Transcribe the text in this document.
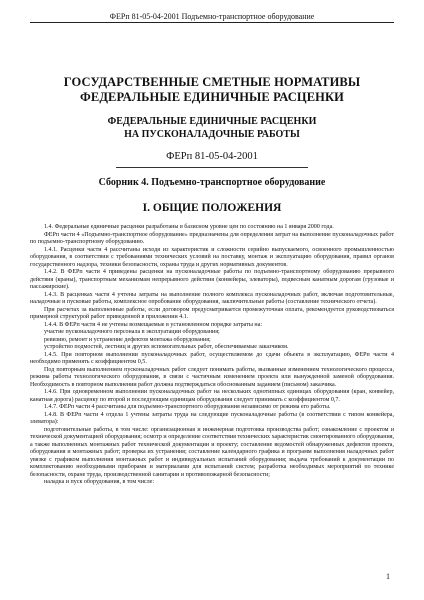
ФЕРп 81-05-04-2001 Подъемно-транспортное оборудование
ГОСУДАРСТВЕННЫЕ СМЕТНЫЕ НОРМАТИВЫ
ФЕДЕРАЛЬНЫЕ ЕДИНИЧНЫЕ РАСЦЕНКИ
ФЕДЕРАЛЬНЫЕ ЕДИНИЧНЫЕ РАСЦЕНКИ
НА ПУСКОНАЛАДОЧНЫЕ РАБОТЫ
ФЕРп 81-05-04-2001
Сборник 4. Подъемно-транспортное оборудование
I. ОБЩИЕ ПОЛОЖЕНИЯ

1.4. Федеральные единичные расценки разработаны в базисном уровне цен по состоянию на 1 января 2000 года.

ФЕРп части 4 «Подъемно-транспортное оборудование» предназначены для определения затрат на выполнение пусконаладочных работ по подъемно-транспортному оборудованию.

1.4.1. Расценки части 4 рассчитаны исходя из характеристик и сложности серийно выпускаемого, освоенного промышленностью оборудования, в соответствии с требованиями технических условий на поставку, монтаж и эксплуатацию оборудования, правил органов государственного надзора, техники безопасности, охраны труда и других нормативных документов.

1.4.2. В ФЕРп части 4 приведены расценки на пусконаладочные работы по подъемно-транспортному оборудованию прерывного действия (краны), транспортным механизмам непрерывного действия (конвейеры, элеваторы), подвесным канатным дорогам (грузовые и пассажирские).

1.4.3. В расценках части 4 учтены затраты на выполнение полного комплекса пусконаладочных работ, включая подготовительные, наладочные и пусковые работы, комплексное опробование оборудования, заключительные работы (составление технического отчета).

При расчетах за выполненные работы, если договором предусматривается промежуточная оплата, рекомендуется руководствоваться примерной структурой работ приведенной в приложении 4.1.

1.4.4. В ФЕРп части 4 не учтены возмещаемые в установленном порядке затраты на:

участие пусконаладочного персонала в эксплуатации оборудования;

ревизию, ремонт и устранение дефектов монтажа оборудования;

устройство подмостей, лестниц и других вспомогательных работ, обеспечиваемые заказчиком.

1.4.5. При повторном выполнении пусконаладочных работ, осуществляемом до сдачи объекта в эксплуатацию, ФЕРп части 4 необходимо применять с коэффициентом 0,5.

Под повторным выполнением пусконаладочных работ следует понимать работы, вызванные изменением технологического процесса, режима работы технологического оборудования, в связи с частичным изменением проекта или вынужденной заменой оборудования. Необходимость в повторном выполнении работ должна подтверждаться обоснованным заданием (письмом) заказчика.

1.4.6. При одновременном выполнении пусконаладочных работ на нескольких однотипных единицах оборудования (кран, конвейер, канатная дорога) расценку по второй и последующим единицам оборудования следует принимать с коэффициентом 0,7.

1.4.7. ФЕРп части 4 рассчитаны для подъемно-транспортного оборудования независимо от режима его работы.

1.4.8. В ФЕРп части 4 отдела 1 учтены затраты труда на следующие пусконаладочные работы (в соответствии с типом конвейера, элеватора):

подготовительные работы, в том числе: организационная и инженерная подготовка производства работ; ознакомление с проектом и технической документацией оборудования; осмотр и определение соответствия технических характеристик смонтированного оборудования, а также выполненных монтажных работ технической документации и проекту; составление ведомостей обнаруженных дефектов проекта, оборудования и монтажных работ; проверка их устранения; составление календарного графика и программ выполнения наладочных работ увязке с графиком выполнения монтажных работ и индивидуальных испытаний оборудования; выдача требований к документации по комплектованию необходимыми приборами и материалами для испытаний систем; разработка необходимых мероприятий по технике безопасности, охране труда, производственной санитарии и противопожарной безопасности;

наладка и пуск оборудования, в том числе:

1
